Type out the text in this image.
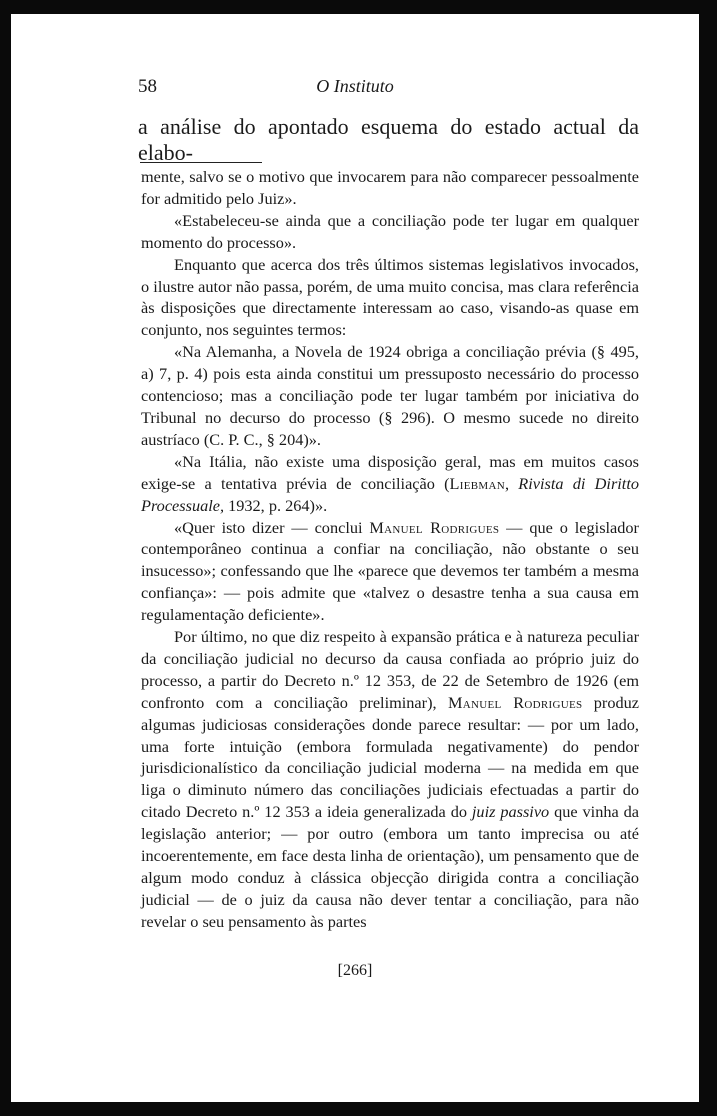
58	O Instituto
a análise do apontado esquema do estado actual da elabo-

mente, salvo se o motivo que invocarem para não comparecer pessoalmente for admitido pelo Juiz».

«Estabeleceu-se ainda que a conciliação pode ter lugar em qualquer momento do processo».

Enquanto que acerca dos três últimos sistemas legislativos invocados, o ilustre autor não passa, porém, de uma muito concisa, mas clara referência às disposições que directamente interessam ao caso, visando-as quase em conjunto, nos seguintes termos:

«Na Alemanha, a Novela de 1924 obriga a conciliação prévia (§ 495, a) 7, p. 4) pois esta ainda constitui um pressuposto necessário do processo contencioso; mas a conciliação pode ter lugar também por iniciativa do Tribunal no decurso do processo (§ 296). O mesmo sucede no direito austríaco (C. P. C., § 204)».

«Na Itália, não existe uma disposição geral, mas em muitos casos exige-se a tentativa prévia de conciliação (Liebman, Rivista di Diritto Processuale, 1932, p. 264)».

«Quer isto dizer — conclui Manuel Rodrigues — que o legislador contemporâneo continua a confiar na conciliação, não obstante o seu insucesso»; confessando que lhe «parece que devemos ter também a mesma confiança»: — pois admite que «talvez o desastre tenha a sua causa em regulamentação deficiente».

Por último, no que diz respeito à expansão prática e à natureza peculiar da conciliação judicial no decurso da causa confiada ao próprio juiz do processo, a partir do Decreto n.º 12 353, de 22 de Setembro de 1926 (em confronto com a conciliação preliminar), Manuel Rodrigues produz algumas judiciosas considerações donde parece resultar: — por um lado, uma forte intuição (embora formulada negativamente) do pendor jurisdicionalístico da conciliação judicial moderna — na medida em que liga o diminuto número das conciliações judiciais efectuadas a partir do citado Decreto n.º 12 353 a ideia generalizada do juiz passivo que vinha da legislação anterior; — por outro (embora um tanto imprecisa ou até incoerentemente, em face desta linha de orientação), um pensamento que de algum modo conduz à clássica objecção dirigida contra a conciliação judicial — de o juiz da causa não dever tentar a conciliação, para não revelar o seu pensamento às partes

[266]
